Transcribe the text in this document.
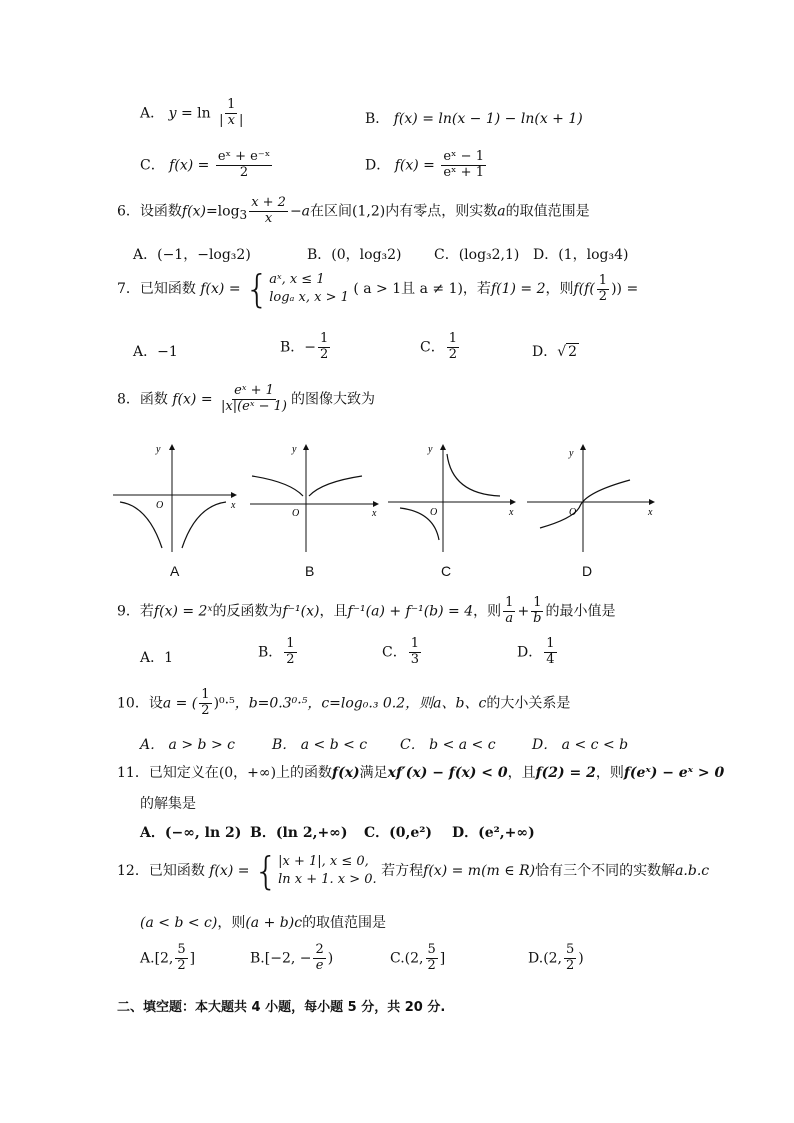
A． $y = \ln \frac{1}{| x |}$	B． f(x) = ln(x − 1) − ln(x + 1)
C． $f(x) = \frac{\text{eˣ + e⁻ˣ}}{2}$	D． $f(x) = \frac{\text{eˣ − 1}}{\text{eˣ + 1}}$
6．设函数$f(x)=\log_3 \frac{x + 2}{x} -a$在区间(1,2)内有零点，则实数a的取值范围是
A．(−1，−log₃2)	B．(0，log₃2) C．(log₃2,1) D．(1，log₃4)
7．已知函数 f(x) = { aˣ, x ≤ 1
logₐ x, x > 1
( a > 1且 a ≠ 1)，若f(1) = 2，则$f(f( \frac{1}{2}$ )) =
A．−1	B．− $\frac{1}{2}$	C． $\frac{1}{2}$	D．√ 2
8．函数 $f(x) = \frac{\text{eˣ + 1}}{\text{|x|(eˣ − 1)}}$ 的图像大致为
y
x
O
y
x
O
y
x
O
y
x
O
A	B	C	D
9．若f(x) = 2ˣ的反函数为f⁻¹(x)，且f⁻¹(a) + f⁻¹(b) = 4，则 $\frac{1}{a} + \frac{1}{b}$ 的最小值是
A．1	B． $\frac{1}{2}$	C． $\frac{1}{3}$	D． $\frac{1}{4}$
10．设a = ( $\frac{1}{2} )^0\cdot^5$，b=0.3⁰·⁵，c=log₀.₃ 0.2，则a、b、c的大小关系是
A． a > b > c	B． a < b < c C． b < a < c	D． a < c < b
11．已知定义在(0，+∞)上的函数f(x)满足xf′(x) − f(x) < 0，且f(2) = 2，则f(eˣ) − eˣ > 0
的解集是
A．(−∞, ln 2) B．(ln 2,+∞) C．(0,e²) D．(e²,+∞)
12．已知函数 f(x) = { |x + 1|, x ≤ 0,
ln x + 1. x > 0.
若方程f(x) = m(m ∈ R)恰有三个不同的实数解a.b.c
(a < b < c)，则(a + b)c的取值范围是
A.[2, $\frac{5}{2}$ ]	B.[−2, − $\frac{2}{e}$ )	C.(2, $\frac{5}{2}$ ]	D.(2, $\frac{5}{2}$ )
二、填空题：本大题共 4 小题，每小题 5 分，共 20 分.
